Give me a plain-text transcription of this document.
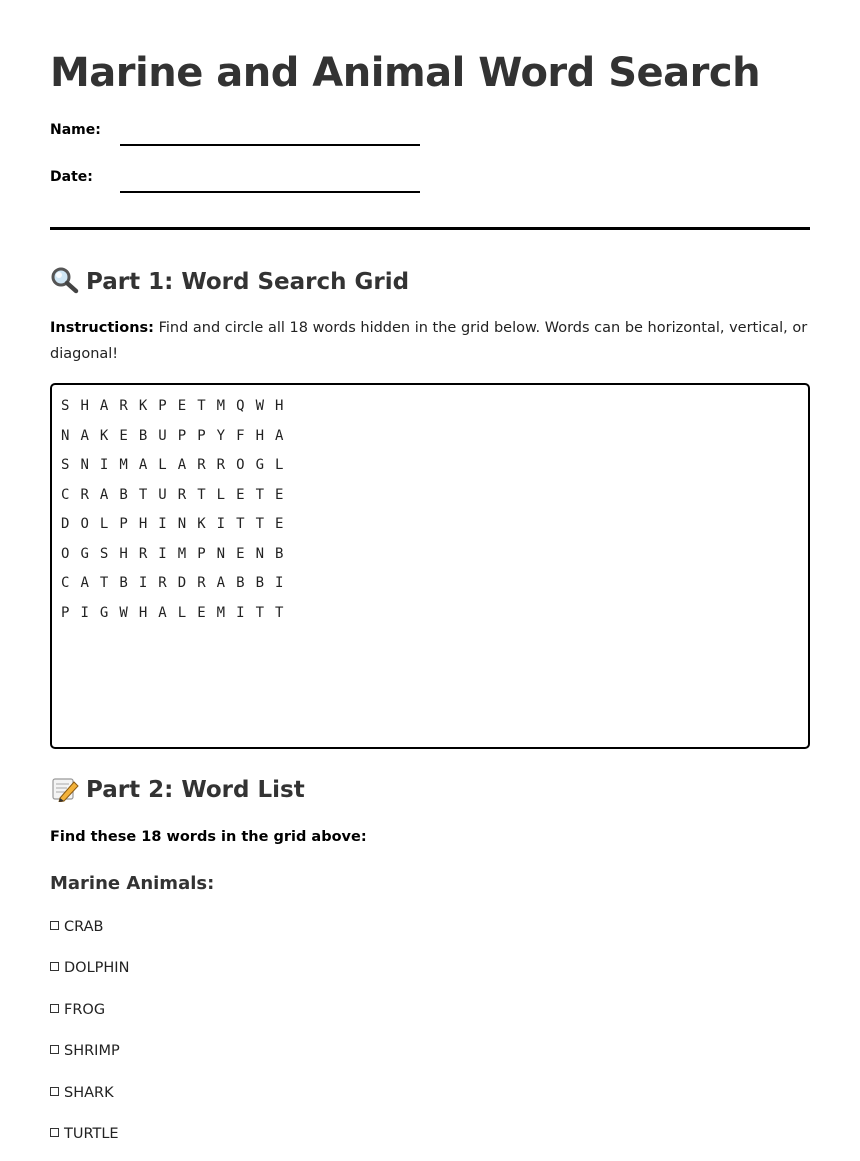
Marine and Animal Word Search
Name:
Date:
Part 1: Word Search Grid
Instructions: Find and circle all 18 words hidden in the grid below. Words can be horizontal, vertical, or diagonal!
S H A R K P E T M Q W H
N A K E B U P P Y F H A
S N I M A L A R R O G L
C R A B T U R T L E T E
D O L P H I N K I T T E
O G S H R I M P N E N B
C A T B I R D R A B B I
P I G W H A L E M I T T
Part 2: Word List
Find these 18 words in the grid above:
Marine Animals:
CRAB
DOLPHIN
FROG
SHRIMP
SHARK
TURTLE
